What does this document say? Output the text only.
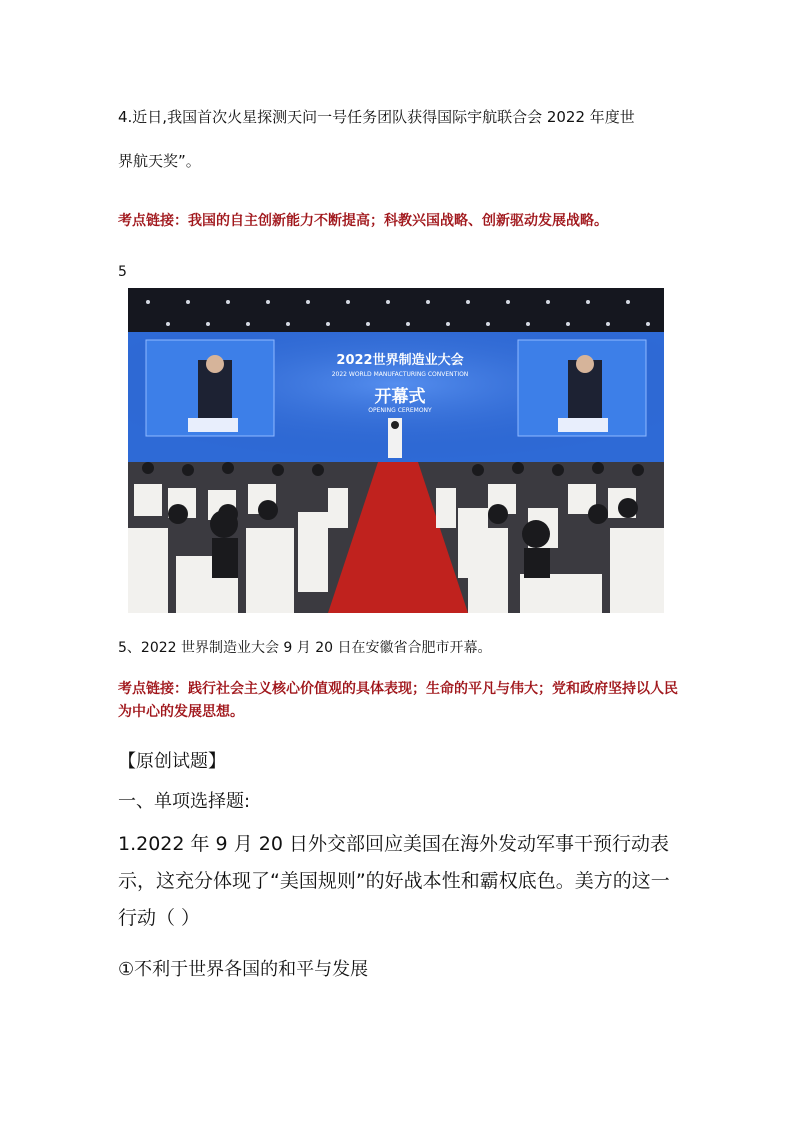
4.近日,我国首次火星探测天问一号任务团队获得国际宇航联合会 2022 年度世
界航天奖”。
考点链接：我国的自主创新能力不断提高；科教兴国战略、创新驱动发展战略。
5
2022世界制造业大会
2022 WORLD MANUFACTURING CONVENTION
开幕式
OPENING CEREMONY
5、2022 世界制造业大会 9 月 20 日在安徽省合肥市开幕。
考点链接：践行社会主义核心价值观的具体表现；生命的平凡与伟大；党和政府坚持以人民为中心的发展思想。
【原创试题】
一、单项选择题:
1.2022 年 9 月 20 日外交部回应美国在海外发动军事干预行动表示，这充分体现了“美国规则”的好战本性和霸权底色。美方的这一行动（ ）
①不利于世界各国的和平与发展
